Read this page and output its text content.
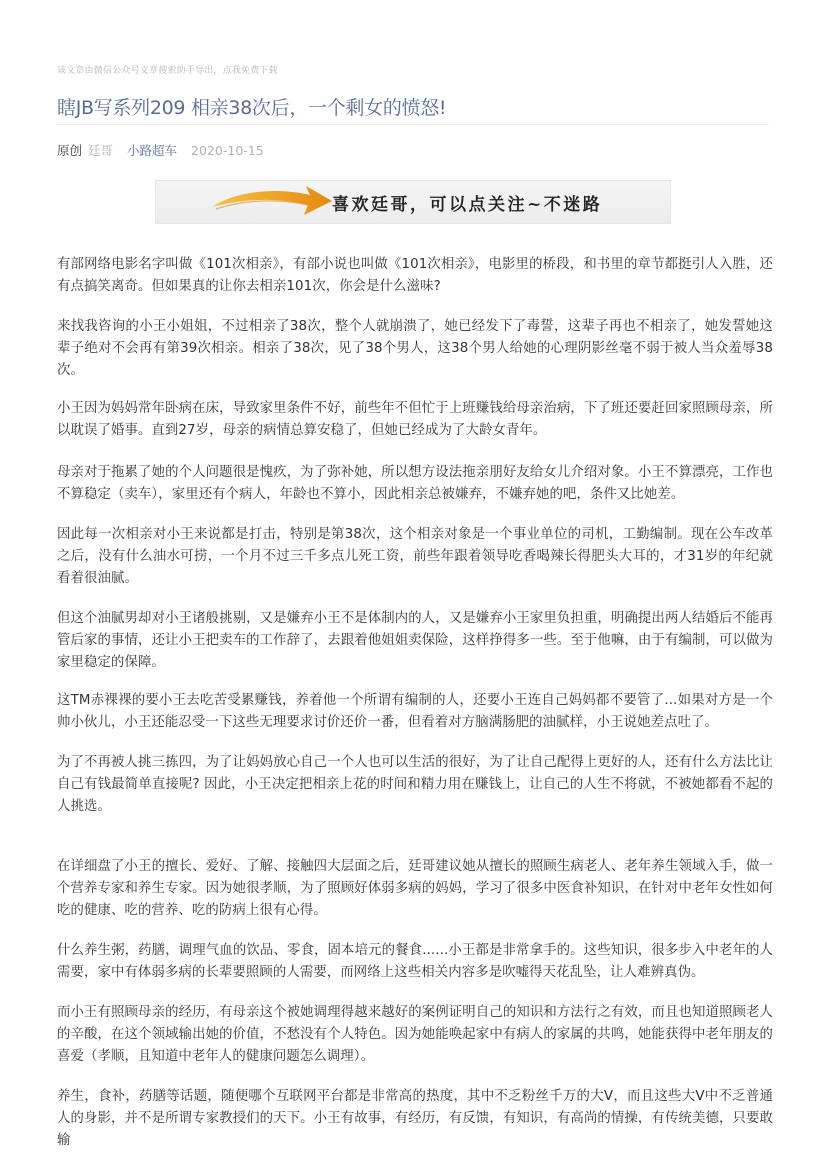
该文章由微信公众号文章搜索助手导出，点我免费下载
瞎JB写系列209 相亲38次后，一个剩女的愤怒!
原创 廷哥 小路超车 2020-10-15
喜欢廷哥，可以点关注~不迷路

有部网络电影名字叫做《101次相亲》，有部小说也叫做《101次相亲》，电影里的桥段，和书里的章节都挺引人入胜，还有点搞笑离奇。但如果真的让你去相亲101次，你会是什么滋味?

来找我咨询的小王小姐姐，不过相亲了38次，整个人就崩溃了，她已经发下了毒誓，这辈子再也不相亲了，她发誓她这辈子绝对不会再有第39次相亲。相亲了38次，见了38个男人，这38个男人给她的心理阴影丝毫不弱于被人当众羞辱38次。

小王因为妈妈常年卧病在床，导致家里条件不好，前些年不但忙于上班赚钱给母亲治病，下了班还要赶回家照顾母亲，所以耽误了婚事。直到27岁，母亲的病情总算安稳了，但她已经成为了大龄女青年。

母亲对于拖累了她的个人问题很是愧疚，为了弥补她，所以想方设法拖亲朋好友给女儿介绍对象。小王不算漂亮，工作也不算稳定（卖车），家里还有个病人，年龄也不算小，因此相亲总被嫌弃，不嫌弃她的吧，条件又比她差。

因此每一次相亲对小王来说都是打击，特别是第38次，这个相亲对象是一个事业单位的司机，工勤编制。现在公车改革之后，没有什么油水可捞，一个月不过三千多点儿死工资，前些年跟着领导吃香喝辣长得肥头大耳的，才31岁的年纪就看着很油腻。

但这个油腻男却对小王诸般挑剔，又是嫌弃小王不是体制内的人，又是嫌弃小王家里负担重，明确提出两人结婚后不能再管后家的事情，还让小王把卖车的工作辞了，去跟着他姐姐卖保险，这样挣得多一些。至于他嘛，由于有编制，可以做为家里稳定的保障。

这TM赤裸裸的要小王去吃苦受累赚钱，养着他一个所谓有编制的人，还要小王连自己妈妈都不要管了...如果对方是一个帅小伙儿，小王还能忍受一下这些无理要求讨价还价一番，但看着对方脑满肠肥的油腻样，小王说她差点吐了。

为了不再被人挑三拣四，为了让妈妈放心自己一个人也可以生活的很好，为了让自己配得上更好的人，还有什么方法比让自己有钱最简单直接呢? 因此，小王决定把相亲上花的时间和精力用在赚钱上，让自己的人生不将就，不被她都看不起的人挑选。

在详细盘了小王的擅长、爱好、了解、接触四大层面之后，廷哥建议她从擅长的照顾生病老人、老年养生领域入手，做一个营养专家和养生专家。因为她很孝顺，为了照顾好体弱多病的妈妈，学习了很多中医食补知识，在针对中老年女性如何吃的健康、吃的营养、吃的防病上很有心得。

什么养生粥，药膳，调理气血的饮品、零食，固本培元的餐食......小王都是非常拿手的。这些知识，很多步入中老年的人需要，家中有体弱多病的长辈要照顾的人需要，而网络上这些相关内容多是吹嘘得天花乱坠，让人难辨真伪。

而小王有照顾母亲的经历，有母亲这个被她调理得越来越好的案例证明自己的知识和方法行之有效，而且也知道照顾老人的辛酸，在这个领域输出她的价值，不愁没有个人特色。因为她能唤起家中有病人的家属的共鸣，她能获得中老年朋友的喜爱（孝顺，且知道中老年人的健康问题怎么调理）。

养生，食补，药膳等话题，随便哪个互联网平台都是非常高的热度，其中不乏粉丝千万的大V，而且这些大V中不乏普通人的身影，并不是所谓专家教授们的天下。小王有故事，有经历，有反馈，有知识，有高尚的情操，有传统美德，只要敢输
